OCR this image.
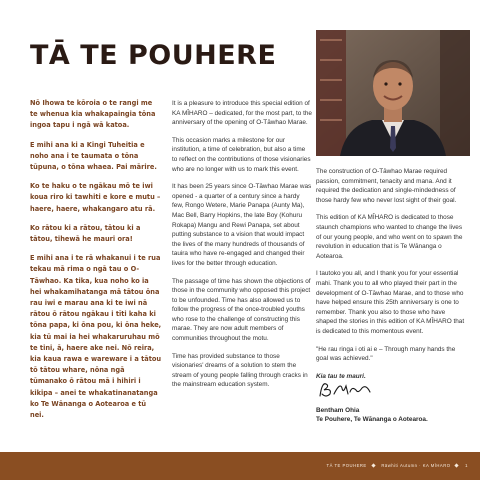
TĀ TE POUHERE

Nō Ihowa te kōroia o te rangi me te whenua kia whakapaingia tōna ingoa tapu i ngā wā katoa.

E mihi ana ki a Kingi Tuheitia e noho ana i te taumata o tōna tūpuna, o tōna whaea. Pai mārire.

Ko te haku o te ngākau mō te iwi koua riro ki tawhiti e kore e mutu – haere, haere, whakangaro atu rā.

Ko rātou ki a rātou, tātou ki a tātou, tihewā he mauri ora!

E mihi ana i te rā whakanui i te rua tekau mā rima o ngā tau o O-Tāwhao. Ka tika, kua noho ko ia hei whakamihatanga mā tātou ōna rau iwi e marau ana ki te iwi nā rātou ō rātou ngākau i tīti kaha ki tōna papa, ki ōna pou, ki ōna heke, kia tū mai ia hei whakaruruhau mō te tini, ā, haere ake nei. Nō reira, kia kaua rawa e wareware i a tātou tō tātou whare, nōna ngā tūmanako ō rātou mā i hihiri i kikipa – anei te whakatinanatanga ko Te Wānanga o Aotearoa e tū nei.

It is a pleasure to introduce this special edition of KA MĪHARO – dedicated, for the most part, to the anniversary of the opening of O-Tāwhao Marae.

This occasion marks a milestone for our institution, a time of celebration, but also a time to reflect on the contributions of those visionaries who are no longer with us to mark this event.

It has been 25 years since O-Tāwhao Marae was opened - a quarter of a century since a hardy few, Rongo Wetere, Marie Panapa (Aunty Ma), Mac Bell, Barry Hopkins, the late Boy (Kohuru Rokapa) Mangu and Rewi Panapa, set about putting substance to a vision that would impact the lives of the many hundreds of thousands of tauira who have re-engaged and changed their lives for the better through education.

The passage of time has shown the objections of those in the community who opposed this project to be unfounded. Time has also allowed us to follow the progress of the once-troubled youths who rose to the challenge of constructing this marae. They are now adult members of communities throughout the motu.

Time has provided substance to those visionaries' dreams of a solution to stem the stream of young people falling through cracks in the mainstream education system.

The construction of O-Tāwhao Marae required passion, commitment, tenacity and mana. And it required the dedication and single-mindedness of those hardy few who never lost sight of their goal.

This edition of KA MĪHARO is dedicated to those staunch champions who wanted to change the lives of our young people, and who went on to spawn the revolution in education that is Te Wānanga o Aotearoa.

I tautoko you all, and I thank you for your essential mahi. Thank you to all who played their part in the development of O-Tāwhao Marae, and to those who have helped ensure this 25th anniversary is one to remember. Thank you also to those who have shaped the stories in this edition of KA MĪHARO that is dedicated to this momentous event.

"He rau ringa i oti ai e – Through many hands the goal was achieved."

Kia tau te mauri.

Bentham Ohia
Te Pouhere, Te Wānanga o Aotearoa.
TĀ TE POUHERE	Rāwhiti Autumn · KA MĪHARO	1
